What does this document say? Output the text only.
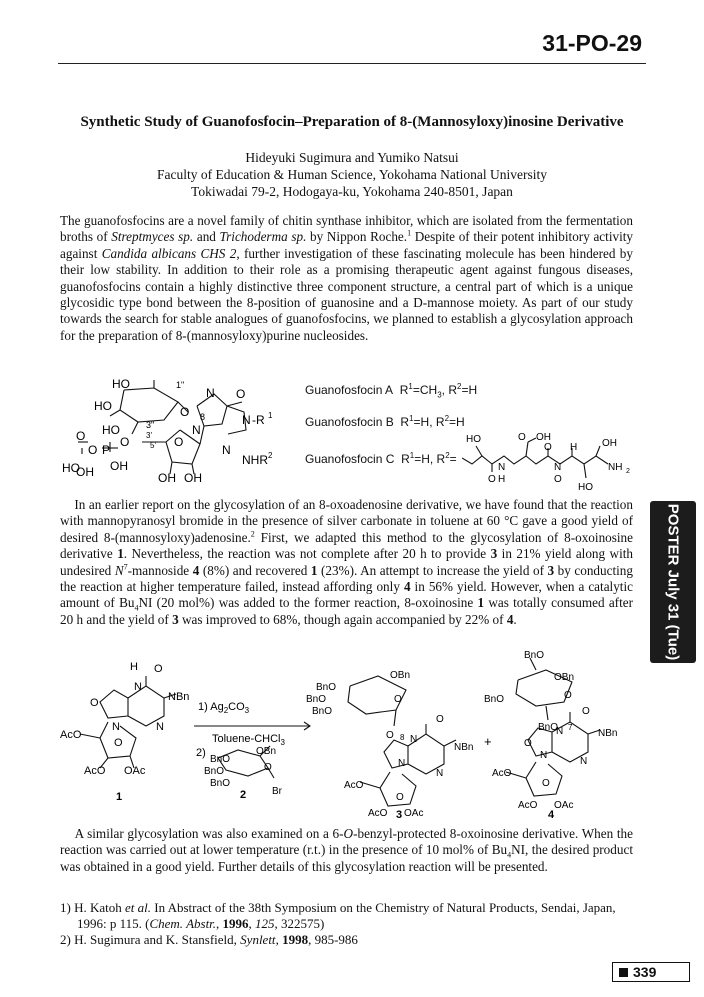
31-PO-29
Synthetic Study of Guanofosfocin–Preparation of 8-(Mannosyloxy)inosine Derivative
Hideyuki Sugimura and Yumiko Natsui
Faculty of Education & Human Science, Yokohama National University
Tokiwadai 79-2, Hodogaya-ku, Yokohama 240-8501, Japan

The guanofosfocins are a novel family of chitin synthase inhibitor, which are isolated from the fermentation broths of Streptmyces sp. and Trichoderma sp. by Nippon Roche.$^1$ Despite of their potent inhibitory activity against Candida albicans CHS 2, further investigation of these fascinating molecule has been hindered by their low stability. In addition to their role as a promising therapeutic agent against fungous diseases, guanofosfocins contain a highly distinctive three component structure, a central part of which is a unique glycosidic type bond between the 8-position of guanosine and a D-mannose moiety. As part of our study towards the search for stable analogues of guanofosfocins, we planned to establish a glycosylation approach for the preparation of 8-(mannosyloxy)purine nucleosides.

HO
HO
HO
1"
O
N O
8
N
N -R 1
3"
O
O
P
O
O
HO
OH OH
OH OH
N
NHR 2
3'
5'
Guanofosfocin A $R^1=CH_3$, $R^2=H$
Guanofosfocin B $R^1=H$, $R^2=H$
Guanofosfocin C $R^1=H$, $R^2=$
HO	O OH
O H OH
N	N	NH 2
O H	O
HO

In an earlier report on the glycosylation of an 8-oxoadenosine derivative, we have found that the reaction with mannopyranosyl bromide in the presence of silver carbonate in toluene at 60 °C gave a good yield of desired 8-(mannosyloxy)adenosine.$^2$ First, we adapted this method to the glycosylation of 8-oxoinosine derivative 1. Nevertheless, the reaction was not complete after 20 h to provide 3 in 21% yield along with undesired $N^7$-mannoside 4 (8%) and recovered 1 (23%). An attempt to increase the yield of 3 by conducting the reaction at higher temperature failed, instead affording only 4 in 56% yield. However, when a catalytic amount of $Bu_4NI$ (20 mol%) was added to the former reaction, 8-oxoinosine 1 was totally consumed after 20 h and the yield of 3 was improved to 68%, though again accompanied by 22% of 4.	POSTER July 31 (Tue)
H O
N
NBn
O
N	N
AcO
O
AcO OAc
1
1) $Ag_2CO_3$
Toluene-CHCl$_3$
2)
BnO
OBn
BnO
BnO
O
Br
2
BnO
OBn
BnO	O
BnO
O
O
8 N
NBn
N
N
AcO
O
AcO OAc
+
BnO
OBn
BnO	O
BnO
N 7
O
O
NBn
N
N
AcO
O
AcO OAc
4
3

A similar glycosylation was also examined on a 6-O-benzyl-protected 8-oxoinosine derivative. When the reaction was carried out at lower temperature (r.t.) in the presence of 10 mol% of $Bu_4NI$, the desired product was obtained in a good yield. Further details of this glycosylation reaction will be presented.

1) H. Katoh et al. In Abstract of the 38th Symposium on the Chemistry of Natural Products, Sendai, Japan, 1996: p 115. (Chem. Abstr., 1996, 125, 322575)
2) H. Sugimura and K. Stansfield, Synlett, 1998, 985-986
339
